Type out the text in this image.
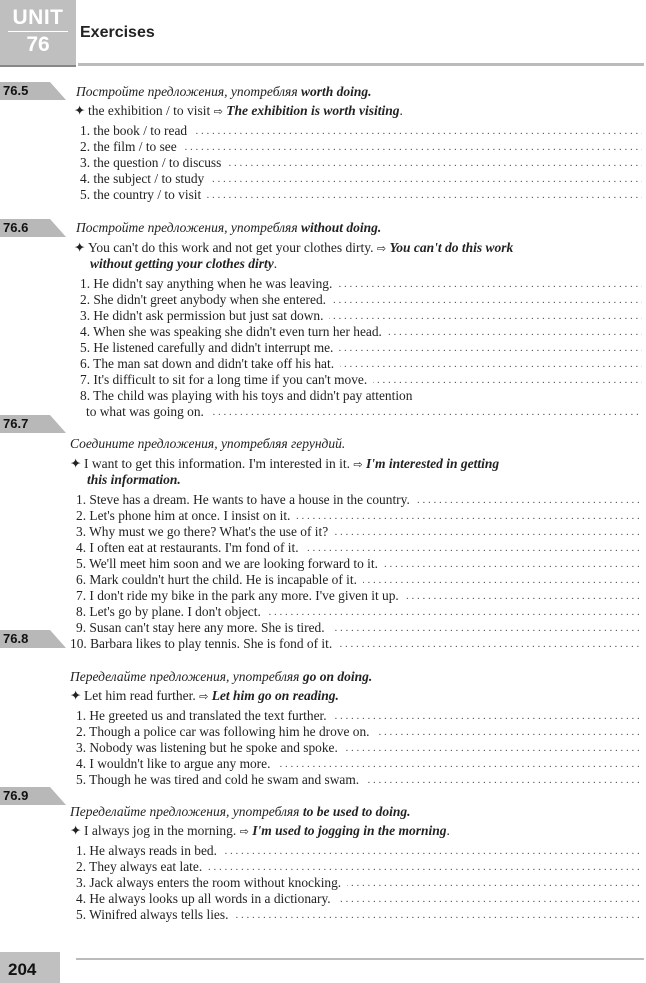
UNIT
76
Exercises
76.5	Постройте предложения, употребляя worth doing.
✦ the exhibition / to visit ⇨ The exhibition is worth visiting.
1. the book / to read
. . .
2. the film / to see
. . .
3. the question / to discuss
. . .
4. the subject / to study
. . .
5. the country / to visit
. . .
76.6	Постройте предложения, употребляя without doing.
✦ You can't do this work and not get your clothes dirty. ⇨ You can't do this work
without getting your clothes dirty.
1. He didn't say anything when he was leaving.
. . .
2. She didn't greet anybody when she entered.
. . .
3. He didn't ask permission but just sat down.
. . .
4. When she was speaking she didn't even turn her head.
. . .
5. He listened carefully and didn't interrupt me.
. . .
6. The man sat down and didn't take off his hat.
. . .
7. It's difficult to sit for a long time if you can't move.
. . .
8. The child was playing with his toys and didn't pay attention
to what was going on.
. . .
76.7
Соедините предложения, употребляя герундий.
✦ I want to get this information. I'm interested in it. ⇨ I'm interested in getting
this information.
1. Steve has a dream. He wants to have a house in the country.
. . .
2. Let's phone him at once. I insist on it.
. . .
3. Why must we go there? What's the use of it?
. . .
4. I often eat at restaurants. I'm fond of it.
. . .
5. We'll meet him soon and we are looking forward to it.
. . .
6. Mark couldn't hurt the child. He is incapable of it.
. . .
7. I don't ride my bike in the park any more. I've given it up.
. . .
8. Let's go by plane. I don't object.
. . .
9. Susan can't stay here any more. She is tired.
. . .
10. Barbara likes to play tennis. She is fond of it.
. . .
76.8
Переделайте предложения, употребляя go on doing.
✦ Let him read further. ⇨ Let him go on reading.
1. He greeted us and translated the text further.
. . .
2. Though a police car was following him he drove on.
. . .
3. Nobody was listening but he spoke and spoke.
. . .
4. I wouldn't like to argue any more.
. . .
5. Though he was tired and cold he swam and swam.
. . .
76.9
Переделайте предложения, употребляя to be used to doing.
✦ I always jog in the morning. ⇨ I'm used to jogging in the morning.
1. He always reads in bed.
. . .
2. They always eat late.
. . .
3. Jack always enters the room without knocking.
. . .
4. He always looks up all words in a dictionary.
. . .
5. Winifred always tells lies.
. . .
204
